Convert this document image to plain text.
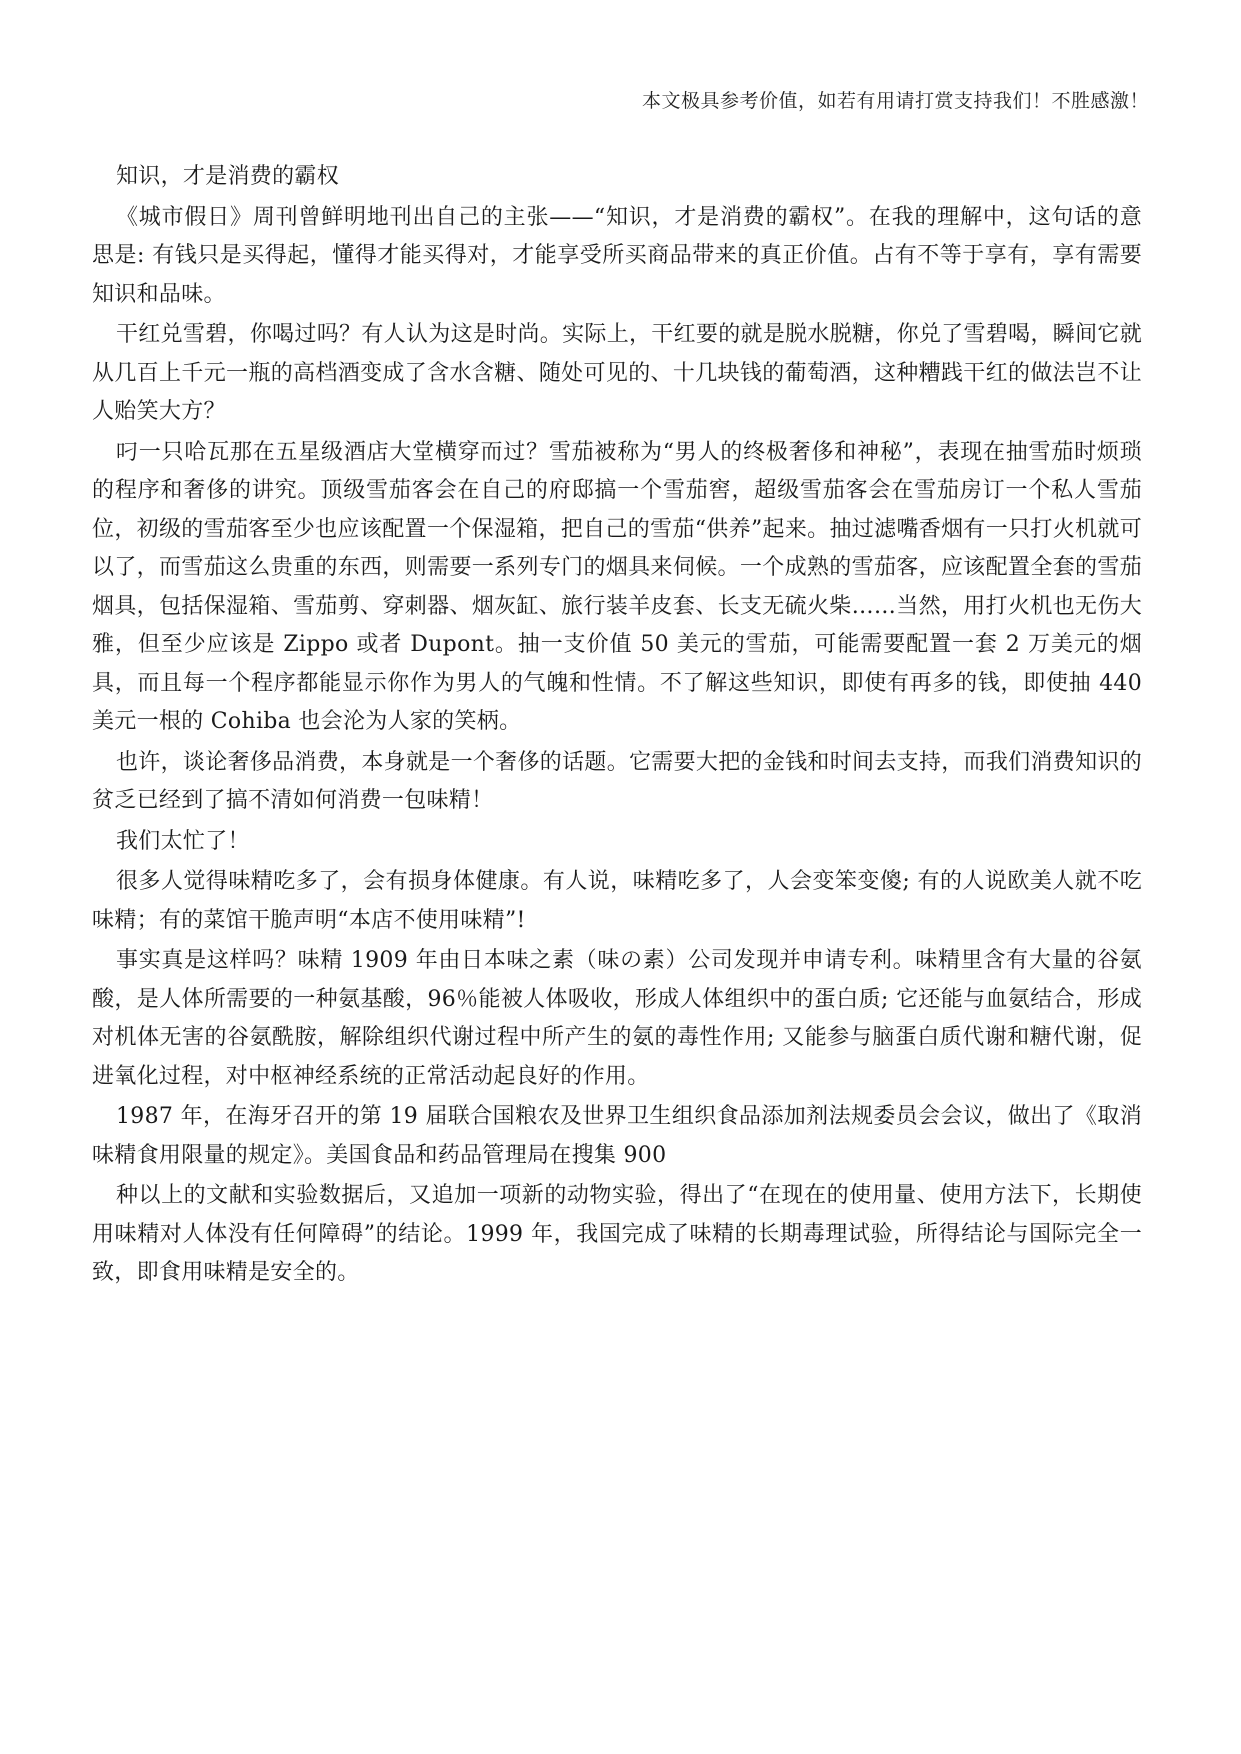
本文极具参考价值，如若有用请打赏支持我们！不胜感激！

知识，才是消费的霸权

《城市假日》周刊曾鲜明地刊出自己的主张——“知识，才是消费的霸权”。在我的理解中，这句话的意思是: 有钱只是买得起，懂得才能买得对，才能享受所买商品带来的真正价值。占有不等于享有，享有需要知识和品味。

干红兑雪碧，你喝过吗？有人认为这是时尚。实际上，干红要的就是脱水脱糖，你兑了雪碧喝，瞬间它就从几百上千元一瓶的高档酒变成了含水含糖、随处可见的、十几块钱的葡萄酒，这种糟践干红的做法岂不让人贻笑大方？

叼一只哈瓦那在五星级酒店大堂横穿而过？雪茄被称为“男人的终极奢侈和神秘”，表现在抽雪茄时烦琐的程序和奢侈的讲究。顶级雪茄客会在自己的府邸搞一个雪茄窖，超级雪茄客会在雪茄房订一个私人雪茄位，初级的雪茄客至少也应该配置一个保湿箱，把自己的雪茄“供养”起来。抽过滤嘴香烟有一只打火机就可以了，而雪茄这么贵重的东西，则需要一系列专门的烟具来伺候。一个成熟的雪茄客，应该配置全套的雪茄烟具，包括保湿箱、雪茄剪、穿刺器、烟灰缸、旅行装羊皮套、长支无硫火柴……当然，用打火机也无伤大雅，但至少应该是 Zippo 或者 Dupont。抽一支价值 50 美元的雪茄，可能需要配置一套 2 万美元的烟具，而且每一个程序都能显示你作为男人的气魄和性情。不了解这些知识，即使有再多的钱，即使抽 440 美元一根的 Cohiba 也会沦为人家的笑柄。

也许，谈论奢侈品消费，本身就是一个奢侈的话题。它需要大把的金钱和时间去支持，而我们消费知识的贫乏已经到了搞不清如何消费一包味精！

我们太忙了！

很多人觉得味精吃多了，会有损身体健康。有人说，味精吃多了，人会变笨变傻; 有的人说欧美人就不吃味精；有的菜馆干脆声明“本店不使用味精”!

事实真是这样吗？味精 1909 年由日本味之素（味の素）公司发现并申请专利。味精里含有大量的谷氨酸，是人体所需要的一种氨基酸，96％能被人体吸收，形成人体组织中的蛋白质; 它还能与血氨结合，形成对机体无害的谷氨酰胺，解除组织代谢过程中所产生的氨的毒性作用; 又能参与脑蛋白质代谢和糖代谢，促进氧化过程，对中枢神经系统的正常活动起良好的作用。

1987 年，在海牙召开的第 19 届联合国粮农及世界卫生组织食品添加剂法规委员会会议，做出了《取消味精食用限量的规定》。美国食品和药品管理局在搜集 900

种以上的文献和实验数据后，又追加一项新的动物实验，得出了“在现在的使用量、使用方法下，长期使用味精对人体没有任何障碍”的结论。1999 年，我国完成了味精的长期毒理试验，所得结论与国际完全一致，即食用味精是安全的。
